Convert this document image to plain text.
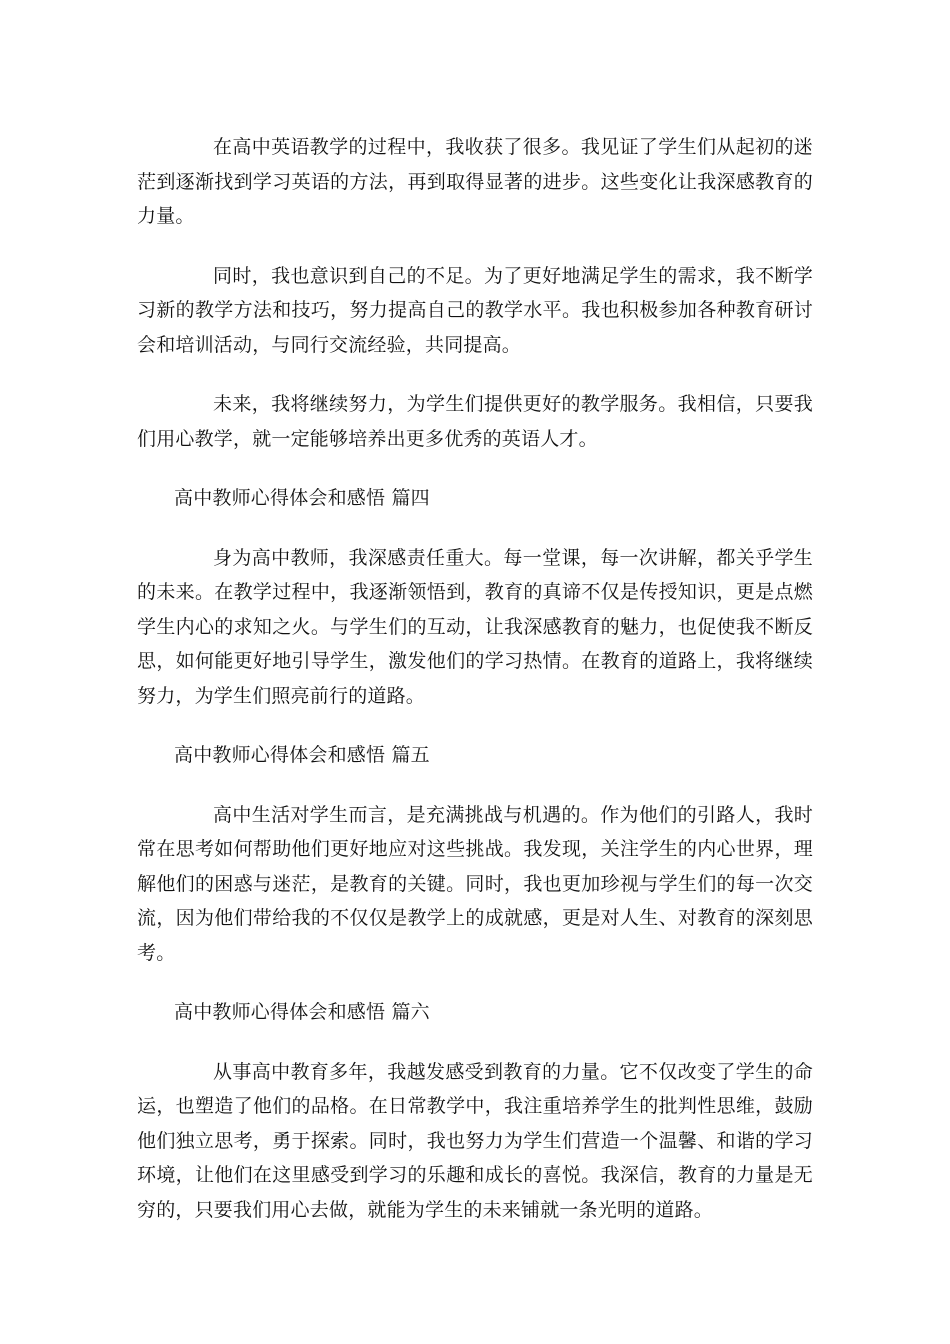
在高中英语教学的过程中，我收获了很多。我见证了学生们从起初的迷茫到逐渐找到学习英语的方法，再到取得显著的进步。这些变化让我深感教育的力量。

同时，我也意识到自己的不足。为了更好地满足学生的需求，我不断学习新的教学方法和技巧，努力提高自己的教学水平。我也积极参加各种教育研讨会和培训活动，与同行交流经验，共同提高。

未来，我将继续努力，为学生们提供更好的教学服务。我相信，只要我们用心教学，就一定能够培养出更多优秀的英语人才。

高中教师心得体会和感悟 篇四

身为高中教师，我深感责任重大。每一堂课，每一次讲解，都关乎学生的未来。在教学过程中，我逐渐领悟到，教育的真谛不仅是传授知识，更是点燃学生内心的求知之火。与学生们的互动，让我深感教育的魅力，也促使我不断反思，如何能更好地引导学生，激发他们的学习热情。在教育的道路上，我将继续努力，为学生们照亮前行的道路。

高中教师心得体会和感悟 篇五

高中生活对学生而言，是充满挑战与机遇的。作为他们的引路人，我时常在思考如何帮助他们更好地应对这些挑战。我发现，关注学生的内心世界，理解他们的困惑与迷茫，是教育的关键。同时，我也更加珍视与学生们的每一次交流，因为他们带给我的不仅仅是教学上的成就感，更是对人生、对教育的深刻思考。

高中教师心得体会和感悟 篇六

从事高中教育多年，我越发感受到教育的力量。它不仅改变了学生的命运，也塑造了他们的品格。在日常教学中，我注重培养学生的批判性思维，鼓励他们独立思考，勇于探索。同时，我也努力为学生们营造一个温馨、和谐的学习环境，让他们在这里感受到学习的乐趣和成长的喜悦。我深信，教育的力量是无穷的，只要我们用心去做，就能为学生的未来铺就一条光明的道路。
